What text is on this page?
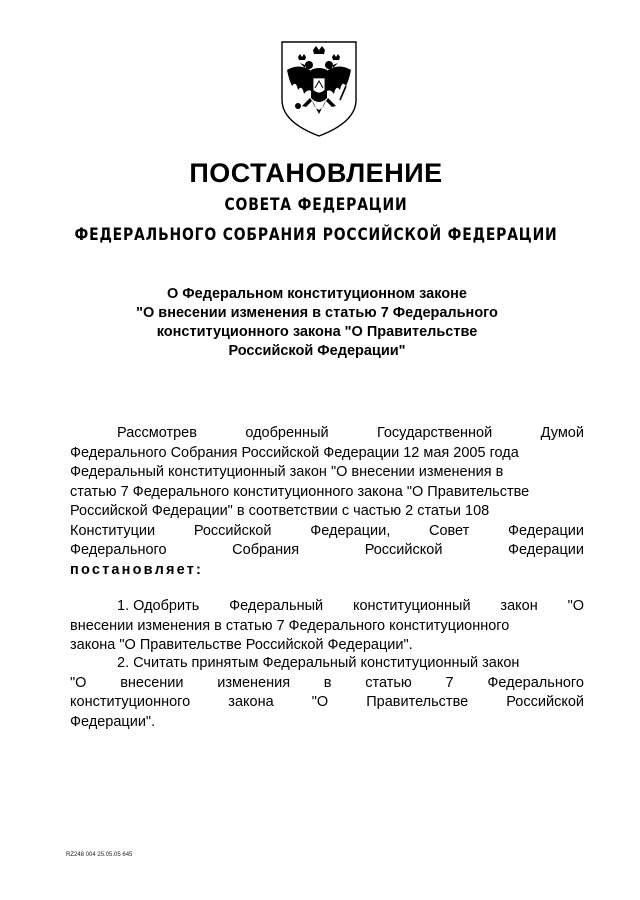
ПОСТАНОВЛЕНИЕ
СОВЕТА ФЕДЕРАЦИИ
ФЕДЕРАЛЬНОГО СОБРАНИЯ РОССИЙСКОЙ ФЕДЕРАЦИИ
О Федеральном конституционном законе
"О внесении изменения в статью 7 Федерального
конституционного закона "О Правительстве
Российской Федерации"
Рассмотрев	одобренный	Государственной	Думой
Федерального Собрания Российской Федерации 12 мая 2005 года
Федеральный конституционный закон "О внесении изменения в
статью 7 Федерального конституционного закона "О Правительстве
Российской Федерации" в соответствии с частью 2 статьи 108
Конституции	Российской	Федерации,	Совет	Федерации
Федерального	Собрания	Российской	Федерации
постановляет:
1. Одобрить Федеральный конституционный закон "О
внесении изменения в статью 7 Федерального конституционного
закона "О Правительстве Российской Федерации".
2. Считать принятым Федеральный конституционный закон
"О внесении изменения в статью 7 Федерального
конституционного	закона	"О	Правительстве	Российской
Федерации".
RZ248 004 25.05.05 645
